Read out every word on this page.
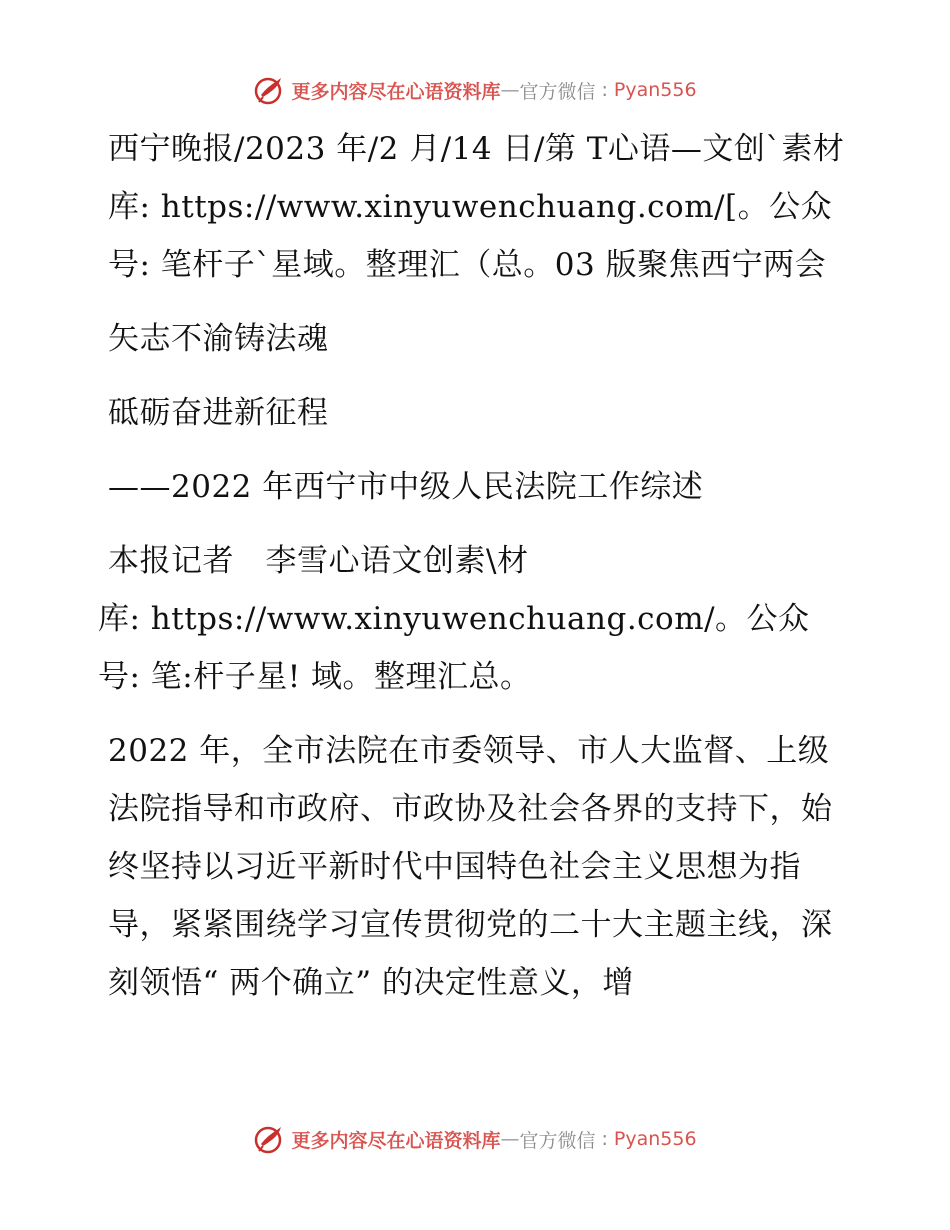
更多内容尽在心语资料库 — 官方微信 : Pyan556

西宁晚报/2023 年/2 月/14 日/第 T心语—文创`素材库: https://www.xinyuwenchuang.com/[。公众号: 笔杆子`星域。整理汇（总。03 版聚焦西宁两会

矢志不渝铸法魂

砥砺奋进新征程

——2022 年西宁市中级人民法院工作综述

本报记者　李雪心语文创素\材

库: https://www.xinyuwenchuang.com/。公众

号: 笔:杆子星! 域。整理汇总。

2022 年，全市法院在市委领导、市人大监督、上级法院指导和市政府、市政协及社会各界的支持下，始终坚持以习近平新时代中国特色社会主义思想为指导，紧紧围绕学习宣传贯彻党的二十大主题主线，深刻领悟“ 两个确立” 的决定性意义，增

更多内容尽在心语资料库 — 官方微信 : Pyan556
